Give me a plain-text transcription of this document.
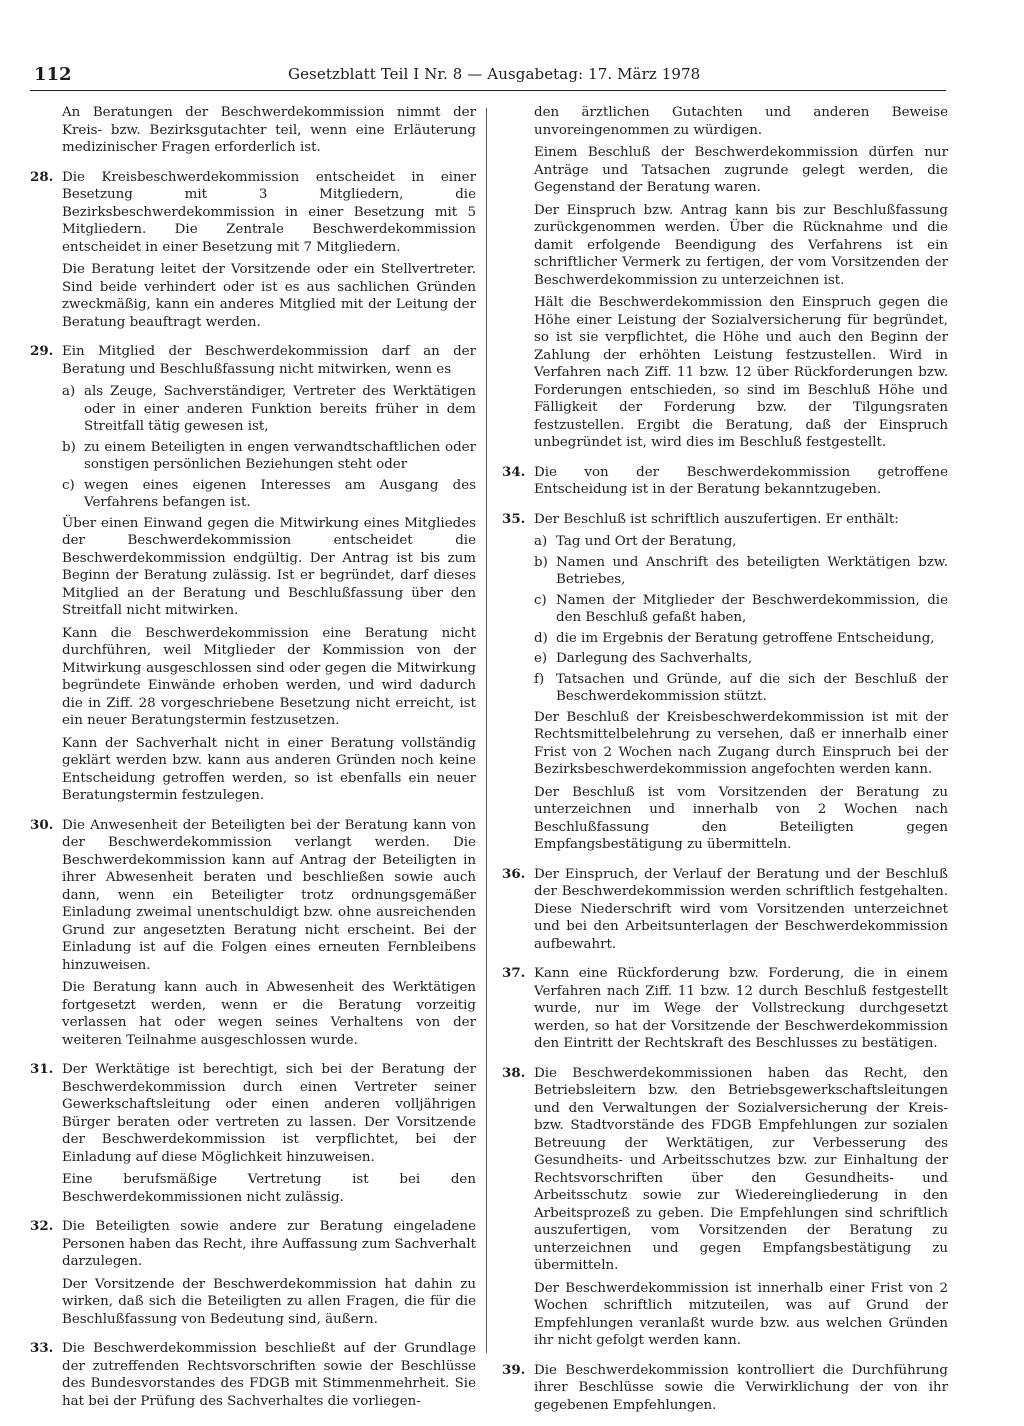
112	Gesetzblatt Teil I Nr. 8 — Ausgabetag: 17. März 1978

An Beratungen der Beschwerdekommission nimmt der Kreis- bzw. Bezirksgutachter teil, wenn eine Erläuterung medizinischer Fragen erforderlich ist.

28. Die Kreisbeschwerdekommission entscheidet in einer Besetzung mit 3 Mitgliedern, die Bezirksbeschwerdekommission in einer Besetzung mit 5 Mitgliedern. Die Zentrale Beschwerdekommission entscheidet in einer Besetzung mit 7 Mitgliedern.

Die Beratung leitet der Vorsitzende oder ein Stellvertreter. Sind beide verhindert oder ist es aus sachlichen Gründen zweckmäßig, kann ein anderes Mitglied mit der Leitung der Beratung beauftragt werden.

29. Ein Mitglied der Beschwerdekommission darf an der Beratung und Beschlußfassung nicht mitwirken, wenn es

a) als Zeuge, Sachverständiger, Vertreter des Werktätigen oder in einer anderen Funktion bereits früher in dem Streitfall tätig gewesen ist,

b) zu einem Beteiligten in engen verwandtschaftlichen oder sonstigen persönlichen Beziehungen steht oder

c) wegen eines eigenen Interesses am Ausgang des Verfahrens befangen ist.

Über einen Einwand gegen die Mitwirkung eines Mitgliedes der Beschwerdekommission entscheidet die Beschwerdekommission endgültig. Der Antrag ist bis zum Beginn der Beratung zulässig. Ist er begründet, darf dieses Mitglied an der Beratung und Beschlußfassung über den Streitfall nicht mitwirken.

Kann die Beschwerdekommission eine Beratung nicht durchführen, weil Mitglieder der Kommission von der Mitwirkung ausgeschlossen sind oder gegen die Mitwirkung begründete Einwände erhoben werden, und wird dadurch die in Ziff. 28 vorgeschriebene Besetzung nicht erreicht, ist ein neuer Beratungstermin festzusetzen.

Kann der Sachverhalt nicht in einer Beratung vollständig geklärt werden bzw. kann aus anderen Gründen noch keine Entscheidung getroffen werden, so ist ebenfalls ein neuer Beratungstermin festzulegen.

30. Die Anwesenheit der Beteiligten bei der Beratung kann von der Beschwerdekommission verlangt werden. Die Beschwerdekommission kann auf Antrag der Beteiligten in ihrer Abwesenheit beraten und beschließen sowie auch dann, wenn ein Beteiligter trotz ordnungsgemäßer Einladung zweimal unentschuldigt bzw. ohne ausreichenden Grund zur angesetzten Beratung nicht erscheint. Bei der Einladung ist auf die Folgen eines erneuten Fernbleibens hinzuweisen.

Die Beratung kann auch in Abwesenheit des Werktätigen fortgesetzt werden, wenn er die Beratung vorzeitig verlassen hat oder wegen seines Verhaltens von der weiteren Teilnahme ausgeschlossen wurde.

31. Der Werktätige ist berechtigt, sich bei der Beratung der Beschwerdekommission durch einen Vertreter seiner Gewerkschaftsleitung oder einen anderen volljährigen Bürger beraten oder vertreten zu lassen. Der Vorsitzende der Beschwerdekommission ist verpflichtet, bei der Einladung auf diese Möglichkeit hinzuweisen.

Eine berufsmäßige Vertretung ist bei den Beschwerdekommissionen nicht zulässig.

32. Die Beteiligten sowie andere zur Beratung eingeladene Personen haben das Recht, ihre Auffassung zum Sachverhalt darzulegen.

Der Vorsitzende der Beschwerdekommission hat dahin zu wirken, daß sich die Beteiligten zu allen Fragen, die für die Beschlußfassung von Bedeutung sind, äußern.

33. Die Beschwerdekommission beschließt auf der Grundlage der zutreffenden Rechtsvorschriften sowie der Beschlüsse des Bundesvorstandes des FDGB mit Stimmenmehrheit. Sie hat bei der Prüfung des Sachverhaltes die vorliegen-

den ärztlichen Gutachten und anderen Beweise unvoreingenommen zu würdigen.

Einem Beschluß der Beschwerdekommission dürfen nur Anträge und Tatsachen zugrunde gelegt werden, die Gegenstand der Beratung waren.

Der Einspruch bzw. Antrag kann bis zur Beschlußfassung zurückgenommen werden. Über die Rücknahme und die damit erfolgende Beendigung des Verfahrens ist ein schriftlicher Vermerk zu fertigen, der vom Vorsitzenden der Beschwerdekommission zu unterzeichnen ist.

Hält die Beschwerdekommission den Einspruch gegen die Höhe einer Leistung der Sozialversicherung für begründet, so ist sie verpflichtet, die Höhe und auch den Beginn der Zahlung der erhöhten Leistung festzustellen. Wird in Verfahren nach Ziff. 11 bzw. 12 über Rückforderungen bzw. Forderungen entschieden, so sind im Beschluß Höhe und Fälligkeit der Forderung bzw. der Tilgungsraten festzustellen. Ergibt die Beratung, daß der Einspruch unbegründet ist, wird dies im Beschluß festgestellt.

34. Die von der Beschwerdekommission getroffene Entscheidung ist in der Beratung bekanntzugeben.

35. Der Beschluß ist schriftlich auszufertigen. Er enthält:

a) Tag und Ort der Beratung,

b) Namen und Anschrift des beteiligten Werktätigen bzw. Betriebes,

c) Namen der Mitglieder der Beschwerdekommission, die den Beschluß gefaßt haben,

d) die im Ergebnis der Beratung getroffene Entscheidung,

e) Darlegung des Sachverhalts,

f) Tatsachen und Gründe, auf die sich der Beschluß der Beschwerdekommission stützt.

Der Beschluß der Kreisbeschwerdekommission ist mit der Rechtsmittelbelehrung zu versehen, daß er innerhalb einer Frist von 2 Wochen nach Zugang durch Einspruch bei der Bezirksbeschwerdekommission angefochten werden kann.

Der Beschluß ist vom Vorsitzenden der Beratung zu unterzeichnen und innerhalb von 2 Wochen nach Beschlußfassung den Beteiligten gegen Empfangsbestätigung zu übermitteln.

36. Der Einspruch, der Verlauf der Beratung und der Beschluß der Beschwerdekommission werden schriftlich festgehalten. Diese Niederschrift wird vom Vorsitzenden unterzeichnet und bei den Arbeitsunterlagen der Beschwerdekommission aufbewahrt.

37. Kann eine Rückforderung bzw. Forderung, die in einem Verfahren nach Ziff. 11 bzw. 12 durch Beschluß festgestellt wurde, nur im Wege der Vollstreckung durchgesetzt werden, so hat der Vorsitzende der Beschwerdekommission den Eintritt der Rechtskraft des Beschlusses zu bestätigen.

38. Die Beschwerdekommissionen haben das Recht, den Betriebsleitern bzw. den Betriebsgewerkschaftsleitungen und den Verwaltungen der Sozialversicherung der Kreis- bzw. Stadtvorstände des FDGB Empfehlungen zur sozialen Betreuung der Werktätigen, zur Verbesserung des Gesundheits- und Arbeitsschutzes bzw. zur Einhaltung der Rechtsvorschriften über den Gesundheits- und Arbeitsschutz sowie zur Wiedereingliederung in den Arbeitsprozeß zu geben. Die Empfehlungen sind schriftlich auszufertigen, vom Vorsitzenden der Beratung zu unterzeichnen und gegen Empfangsbestätigung zu übermitteln.

Der Beschwerdekommission ist innerhalb einer Frist von 2 Wochen schriftlich mitzuteilen, was auf Grund der Empfehlungen veranlaßt wurde bzw. aus welchen Gründen ihr nicht gefolgt werden kann.

39. Die Beschwerdekommission kontrolliert die Durchführung ihrer Beschlüsse sowie die Verwirklichung der von ihr gegebenen Empfehlungen.
